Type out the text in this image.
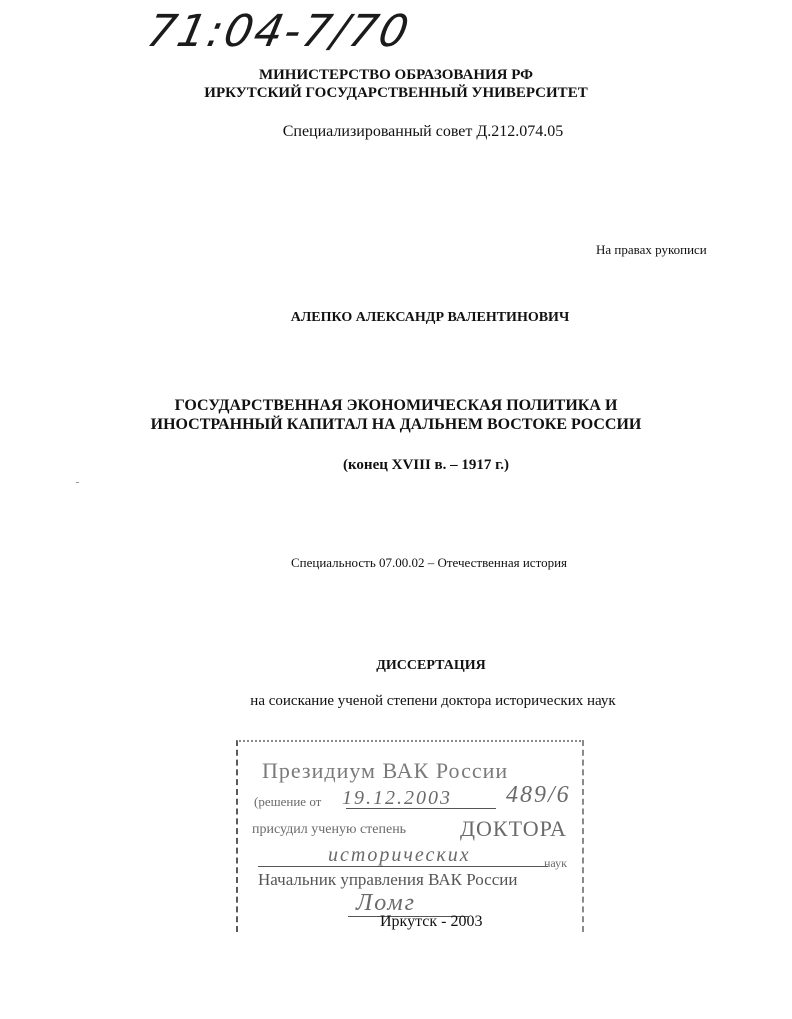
71:04-7/70
МИНИСТЕРСТВО ОБРАЗОВАНИЯ РФ
ИРКУТСКИЙ ГОСУДАРСТВЕННЫЙ УНИВЕРСИТЕТ
Специализированный совет Д.212.074.05
На правах рукописи
АЛЕПКО АЛЕКСАНДР ВАЛЕНТИНОВИЧ
ГОСУДАРСТВЕННАЯ ЭКОНОМИЧЕСКАЯ ПОЛИТИКА И
ИНОСТРАННЫЙ КАПИТАЛ НА ДАЛЬНЕМ ВОСТОКЕ РОССИИ
(конец XVIII в. – 1917 г.)
Специальность 07.00.02 – Отечественная история
ДИССЕРТАЦИЯ
на соискание ученой степени доктора исторических наук
Президиум ВАК России
(решение от 19.12.2003 489/6
присудил ученую степень ДОКТОРА
исторических	наук
Начальник управления ВАК России
Ломг
Иркутск - 2003
